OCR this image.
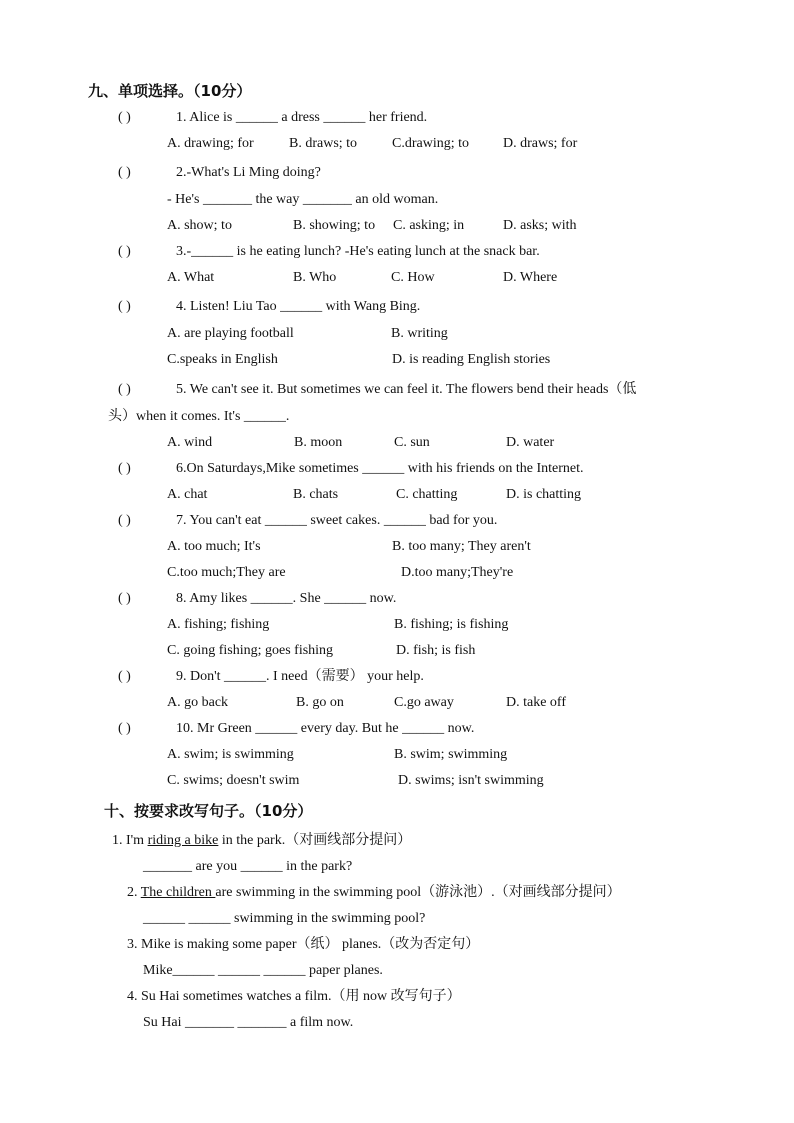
九、单项选择。（10分）
( )	1. Alice is ______ a dress ______ her friend.
A. drawing; for	B. draws; to C.drawing; to D. draws; for
( )	2.-What's Li Ming doing?
- He's _______ the way _______ an old woman.
A. show; to	B. showing; to C. asking; in	D. asks; with
( )	3.-______ is he eating lunch? -He's eating lunch at the snack bar.
A. What	B. Who	C. How	D. Where
( )	4. Listen! Liu Tao ______ with Wang Bing.
A. are playing football	B. writing
C.speaks in English	D. is reading English stories
( )	5. We can't see it. But sometimes we can feel it. The flowers bend their heads（低
头）when it comes. It's ______.
A. wind	B. moon	C. sun	D. water
( )	6.On Saturdays,Mike sometimes ______ with his friends on the Internet.
A. chat	B. chats	C. chatting	D. is chatting
( )	7. You can't eat ______ sweet cakes. ______ bad for you.
A. too much; It's	B. too many; They aren't
C.too much;They are	D.too many;They're
( )	8. Amy likes ______. She ______ now.
A. fishing; fishing	B. fishing; is fishing
C. going fishing; goes fishing	D. fish; is fish
( )	9. Don't ______. I need（需要） your help.
A. go back	B. go on	C.go away	D. take off
( )	10. Mr Green ______ every day. But he ______ now.
A. swim; is swimming	B. swim; swimming
C. swims; doesn't swim	D. swims; isn't swimming
十、按要求改写句子。（10分）
1. I'm riding a bike in the park.（对画线部分提问）
_______ are you ______ in the park?
2. The children are swimming in the swimming pool（游泳池）.（对画线部分提问）
______ ______ swimming in the swimming pool?
3. Mike is making some paper（纸） planes.（改为否定句）
Mike______ ______ ______ paper planes.
4. Su Hai sometimes watches a film.（用 now 改写句子）
Su Hai _______ _______ a film now.
